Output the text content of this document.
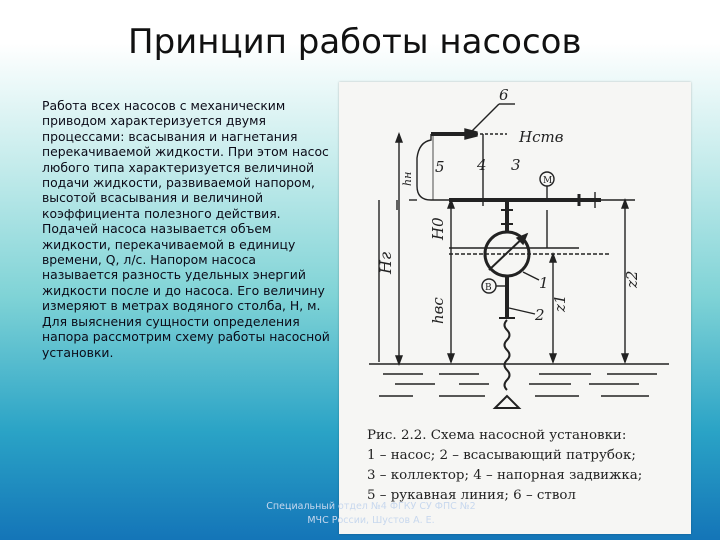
Принцип работы насосов

Работа всех насосов с механическим приводом характеризуется двумя процессами: всасывания и нагнетания перекачиваемой жидкости. При этом насос любого типа характеризуется величиной подачи жидкости, развиваемой напором, высотой всасывания и величиной коэффициента полезного действия.

Подачей насоса называется объем жидкости, перекачиваемой в единицу времени, Q, л/с. Напором насоса называется разность удельных энергий жидкости после и до насоса. Его величину измеряют в метрах водяного столба, Н, м. Для выяснения сущности определения напора рассмотрим схему работы насосной установки.

6
5 4 3
1
2
Hств
hн
H0
Hг
hвс	z1
z2
М
В
Рис. 2.2. Схема насосной установки:
1 – насос; 2 – всасывающий патрубок;
3 – коллектор; 4 – напорная задвижка;
5 – рукавная линия; 6 – ствол
Специальный отдел №4 ФГКУ СУ ФПС №2
МЧС России, Шустов А. Е.
